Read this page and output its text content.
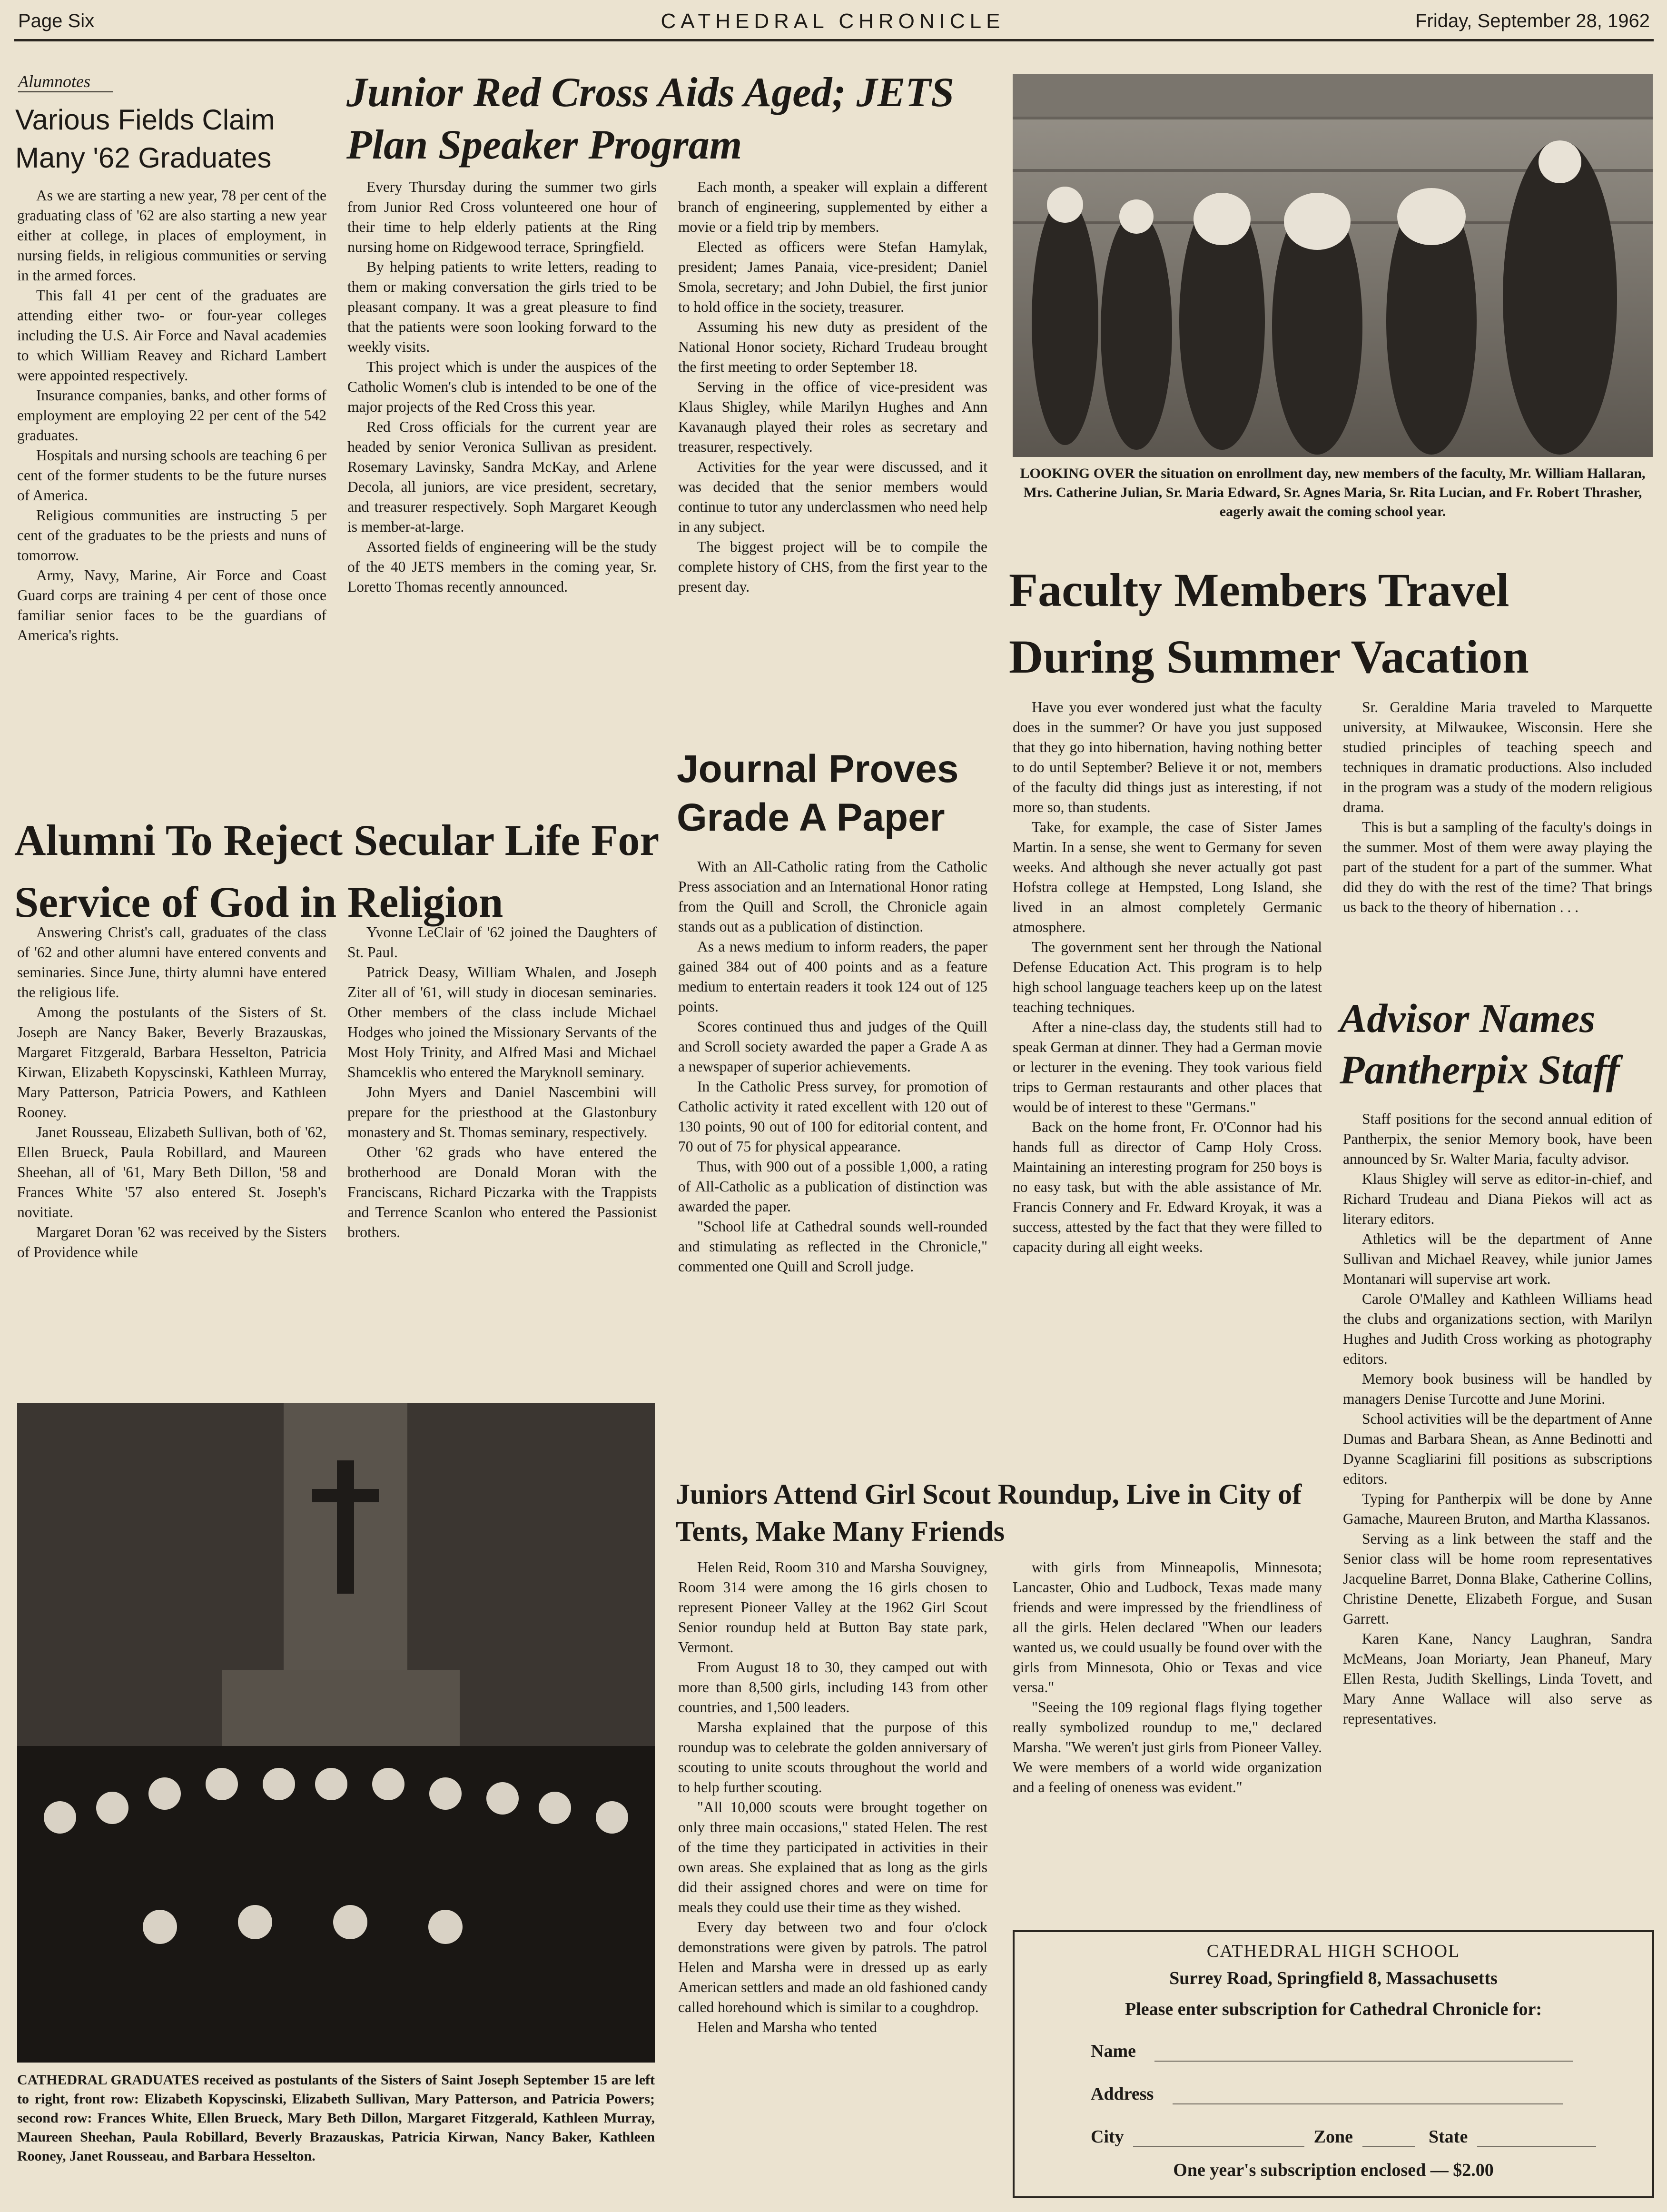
Page Six	CATHEDRAL CHRONICLE	Friday, September 28, 1962
Alumnotes
Various Fields Claim Many '62 Graduates

As we are starting a new year, 78 per cent of the graduating class of '62 are also starting a new year either at college, in places of employment, in nursing fields, in religious communities or serving in the armed forces.

This fall 41 per cent of the graduates are attending either two- or four-year colleges including the U.S. Air Force and Naval academies to which William Reavey and Richard Lambert were appointed respectively.

Insurance companies, banks, and other forms of employment are employing 22 per cent of the 542 graduates.

Hospitals and nursing schools are teaching 6 per cent of the former students to be the future nurses of America.

Religious communities are instructing 5 per cent of the graduates to be the priests and nuns of tomorrow.

Army, Navy, Marine, Air Force and Coast Guard corps are training 4 per cent of those once familiar senior faces to be the guardians of America's rights.

Junior Red Cross Aids Aged; JETS Plan Speaker Program

Every Thursday during the summer two girls from Junior Red Cross volunteered one hour of their time to help elderly patients at the Ring nursing home on Ridgewood terrace, Springfield.

By helping patients to write letters, reading to them or making conversation the girls tried to be pleasant company. It was a great pleasure to find that the patients were soon looking forward to the weekly visits.

This project which is under the auspices of the Catholic Women's club is intended to be one of the major projects of the Red Cross this year.

Red Cross officials for the current year are headed by senior Veronica Sullivan as president. Rosemary Lavinsky, Sandra McKay, and Arlene Decola, all juniors, are vice president, secretary, and treasurer respectively. Soph Margaret Keough is member-at-large.

Assorted fields of engineering will be the study of the 40 JETS members in the coming year, Sr. Loretto Thomas recently announced.

Each month, a speaker will explain a different branch of engineering, supplemented by either a movie or a field trip by members.

Elected as officers were Stefan Hamylak, president; James Panaia, vice-president; Daniel Smola, secretary; and John Dubiel, the first junior to hold office in the society, treasurer.

Assuming his new duty as president of the National Honor society, Richard Trudeau brought the first meeting to order September 18.

Serving in the office of vice-president was Klaus Shigley, while Marilyn Hughes and Ann Kavanaugh played their roles as secretary and treasurer, respectively.

Activities for the year were discussed, and it was decided that the senior members would continue to tutor any underclassmen who need help in any subject.

The biggest project will be to compile the complete history of CHS, from the first year to the present day.

LOOKING OVER the situation on enrollment day, new members of the faculty, Mr. William Hallaran, Mrs. Catherine Julian, Sr. Maria Edward, Sr. Agnes Maria, Sr. Rita Lucian, and Fr. Robert Thrasher, eagerly await the coming school year.

Faculty Members Travel During Summer Vacation

Have you ever wondered just what the faculty does in the summer? Or have you just supposed that they go into hibernation, having nothing better to do until September? Believe it or not, members of the faculty did things just as interesting, if not more so, than students.

Take, for example, the case of Sister James Martin. In a sense, she went to Germany for seven weeks. And although she never actually got past Hofstra college at Hempsted, Long Island, she lived in an almost completely Germanic atmosphere.

The government sent her through the National Defense Education Act. This program is to help high school language teachers keep up on the latest teaching techniques.

After a nine-class day, the students still had to speak German at dinner. They had a German movie or lecturer in the evening. They took various field trips to German restaurants and other places that would be of interest to these "Germans."

Back on the home front, Fr. O'Connor had his hands full as director of Camp Holy Cross. Maintaining an interesting program for 250 boys is no easy task, but with the able assistance of Mr. Francis Connery and Fr. Edward Kroyak, it was a success, attested by the fact that they were filled to capacity during all eight weeks.

Sr. Geraldine Maria traveled to Marquette university, at Milwaukee, Wisconsin. Here she studied principles of teaching speech and techniques in dramatic productions. Also included in the program was a study of the modern religious drama.

This is but a sampling of the faculty's doings in the summer. Most of them were away playing the part of the student for a part of the summer. What did they do with the rest of the time? That brings us back to the theory of hibernation . . .

Advisor Names Pantherpix Staff

Staff positions for the second annual edition of Pantherpix, the senior Memory book, have been announced by Sr. Walter Maria, faculty advisor.

Klaus Shigley will serve as editor-in-chief, and Richard Trudeau and Diana Piekos will act as literary editors.

Athletics will be the department of Anne Sullivan and Michael Reavey, while junior James Montanari will supervise art work.

Carole O'Malley and Kathleen Williams head the clubs and organizations section, with Marilyn Hughes and Judith Cross working as photography editors.

Memory book business will be handled by managers Denise Turcotte and June Morini.

School activities will be the department of Anne Dumas and Barbara Shean, as Anne Bedinotti and Dyanne Scagliarini fill positions as subscriptions editors.

Typing for Pantherpix will be done by Anne Gamache, Maureen Bruton, and Martha Klassanos.

Serving as a link between the staff and the Senior class will be home room representatives Jacqueline Barret, Donna Blake, Catherine Collins, Christine Denette, Elizabeth Forgue, and Susan Garrett.

Karen Kane, Nancy Laughran, Sandra McMeans, Joan Moriarty, Jean Phaneuf, Mary Ellen Resta, Judith Skellings, Linda Tovett, and Mary Anne Wallace will also serve as representatives.

Alumni To Reject Secular Life For Service of God in Religion

Answering Christ's call, graduates of the class of '62 and other alumni have entered convents and seminaries. Since June, thirty alumni have entered the religious life.

Among the postulants of the Sisters of St. Joseph are Nancy Baker, Beverly Brazauskas, Margaret Fitzgerald, Barbara Hesselton, Patricia Kirwan, Elizabeth Kopyscinski, Kathleen Murray, Mary Patterson, Patricia Powers, and Kathleen Rooney.

Janet Rousseau, Elizabeth Sullivan, both of '62, Ellen Brueck, Paula Robillard, and Maureen Sheehan, all of '61, Mary Beth Dillon, '58 and Frances White '57 also entered St. Joseph's novitiate.

Margaret Doran '62 was received by the Sisters of Providence while

Yvonne LeClair of '62 joined the Daughters of St. Paul.

Patrick Deasy, William Whalen, and Joseph Ziter all of '61, will study in diocesan seminaries. Other members of the class include Michael Hodges who joined the Missionary Servants of the Most Holy Trinity, and Alfred Masi and Michael Shamceklis who entered the Maryknoll seminary.

John Myers and Daniel Nascembini will prepare for the priesthood at the Glastonbury monastery and St. Thomas seminary, respectively.

Other '62 grads who have entered the brotherhood are Donald Moran with the Franciscans, Richard Piczarka with the Trappists and Terrence Scanlon who entered the Passionist brothers.

Journal Proves Grade A Paper

With an All-Catholic rating from the Catholic Press association and an International Honor rating from the Quill and Scroll, the Chronicle again stands out as a publication of distinction.

As a news medium to inform readers, the paper gained 384 out of 400 points and as a feature medium to entertain readers it took 124 out of 125 points.

Scores continued thus and judges of the Quill and Scroll society awarded the paper a Grade A as a newspaper of superior achievements.

In the Catholic Press survey, for promotion of Catholic activity it rated excellent with 120 out of 130 points, 90 out of 100 for editorial content, and 70 out of 75 for physical appearance.

Thus, with 900 out of a possible 1,000, a rating of All-Catholic as a publication of distinction was awarded the paper.

"School life at Cathedral sounds well-rounded and stimulating as reflected in the Chronicle," commented one Quill and Scroll judge.

CATHEDRAL GRADUATES received as postulants of the Sisters of Saint Joseph September 15 are left to right, front row: Elizabeth Kopyscinski, Elizabeth Sullivan, Mary Patterson, and Patricia Powers; second row: Frances White, Ellen Brueck, Mary Beth Dillon, Margaret Fitzgerald, Kathleen Murray, Maureen Sheehan, Paula Robillard, Beverly Brazauskas, Patricia Kirwan, Nancy Baker, Kathleen Rooney, Janet Rousseau, and Barbara Hesselton.

Juniors Attend Girl Scout Roundup, Live in City of Tents, Make Many Friends

Helen Reid, Room 310 and Marsha Souvigney, Room 314 were among the 16 girls chosen to represent Pioneer Valley at the 1962 Girl Scout Senior roundup held at Button Bay state park, Vermont.

From August 18 to 30, they camped out with more than 8,500 girls, including 143 from other countries, and 1,500 leaders.

Marsha explained that the purpose of this roundup was to celebrate the golden anniversary of scouting to unite scouts throughout the world and to help further scouting.

"All 10,000 scouts were brought together on only three main occasions," stated Helen. The rest of the time they participated in activities in their own areas. She explained that as long as the girls did their assigned chores and were on time for meals they could use their time as they wished.

Every day between two and four o'clock demonstrations were given by patrols. The patrol Helen and Marsha were in dressed up as early American settlers and made an old fashioned candy called horehound which is similar to a coughdrop.

Helen and Marsha who tented

with girls from Minneapolis, Minnesota; Lancaster, Ohio and Ludbock, Texas made many friends and were impressed by the friendliness of all the girls. Helen declared "When our leaders wanted us, we could usually be found over with the girls from Minnesota, Ohio or Texas and vice versa."

"Seeing the 109 regional flags flying together really symbolized roundup to me," declared Marsha. "We weren't just girls from Pioneer Valley. We were members of a world wide organization and a feeling of oneness was evident."

CATHEDRAL HIGH SCHOOL
Surrey Road, Springfield 8, Massachusetts
Please enter subscription for Cathedral Chronicle for:
Name
Address
City	Zone	State
One year's subscription enclosed — $2.00
